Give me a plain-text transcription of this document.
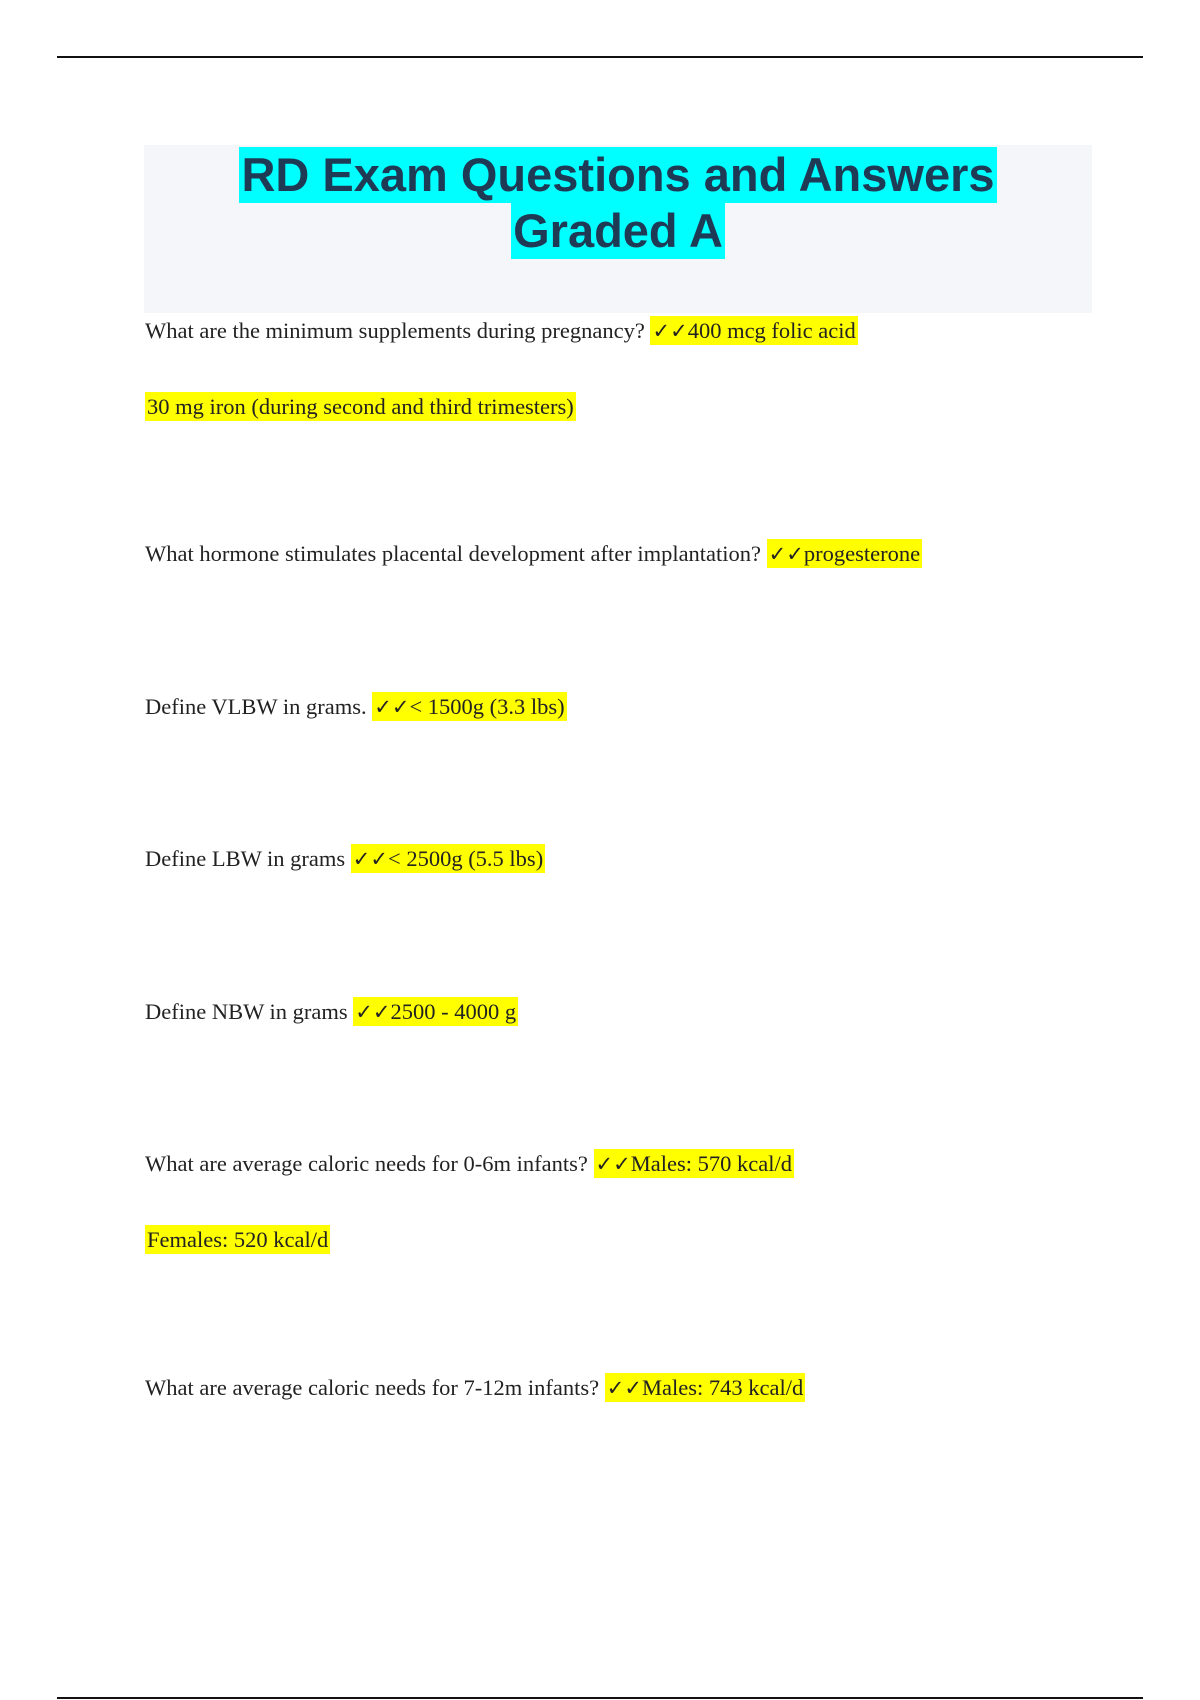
RD Exam Questions and Answers
Graded A
What are the minimum supplements during pregnancy? ✓✓400 mcg folic acid
30 mg iron (during second and third trimesters)
What hormone stimulates placental development after implantation? ✓✓progesterone
Define VLBW in grams. ✓✓< 1500g (3.3 lbs)
Define LBW in grams ✓✓< 2500g (5.5 lbs)
Define NBW in grams ✓✓2500 - 4000 g
What are average caloric needs for 0-6m infants? ✓✓Males: 570 kcal/d
Females: 520 kcal/d
What are average caloric needs for 7-12m infants? ✓✓Males: 743 kcal/d
